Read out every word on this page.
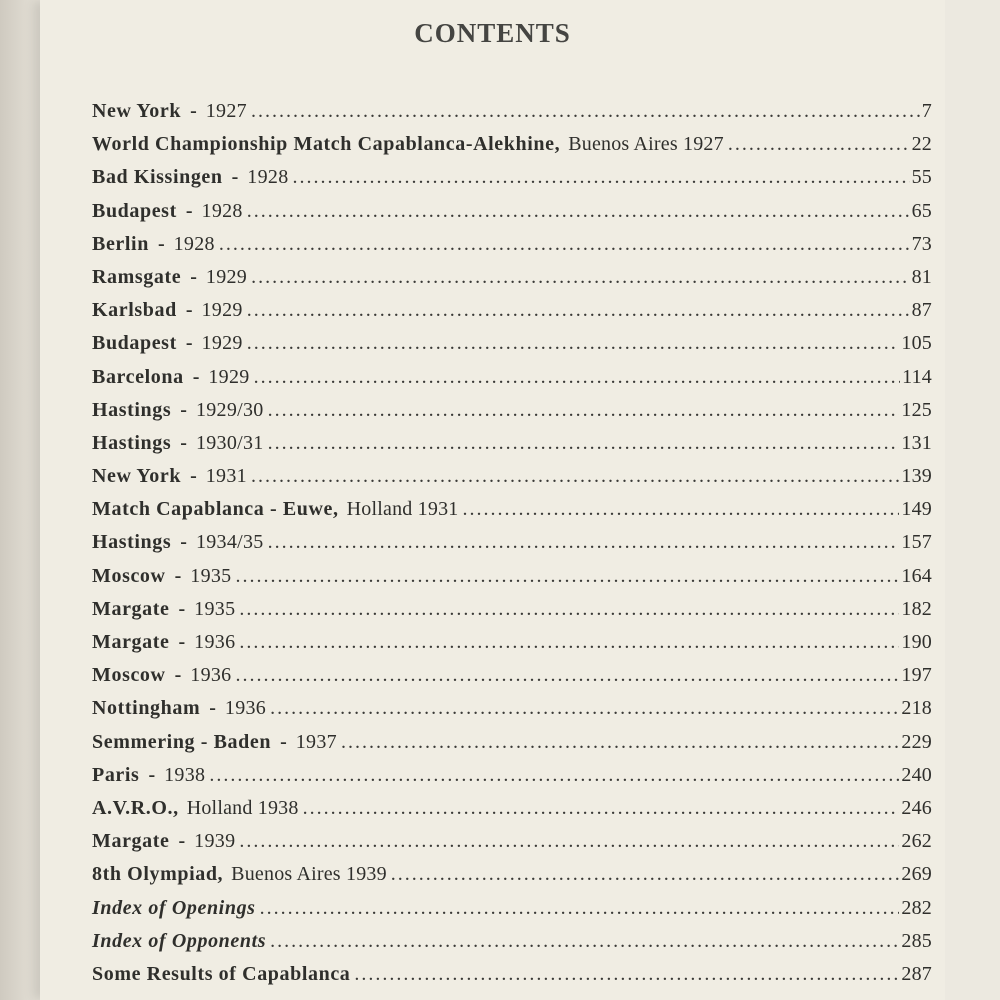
CONTENTS
New York - 1927 .....	7
World Championship Match Capablanca-Alekhine, Buenos Aires 1927 .....	22
Bad Kissingen - 1928 .....	55
Budapest - 1928 .....	65
Berlin - 1928 .....	73
Ramsgate - 1929 .....	81
Karlsbad - 1929 .....	87
Budapest - 1929 .....	105
Barcelona - 1929 .....	114
Hastings - 1929/30 .....	125
Hastings - 1930/31 .....	131
New York - 1931 .....	139
Match Capablanca - Euwe, Holland 1931 .....	149
Hastings - 1934/35 .....	157
Moscow - 1935 .....	164
Margate - 1935 .....	182
Margate - 1936 .....	190
Moscow - 1936 .....	197
Nottingham - 1936 .....	218
Semmering - Baden - 1937 .....	229
Paris - 1938 .....	240
A.V.R.O., Holland 1938 .....	246
Margate - 1939 .....	262
8th Olympiad, Buenos Aires 1939 .....	269
Index of Openings .....	282
Index of Opponents .....	285
Some Results of Capablanca .....	287
